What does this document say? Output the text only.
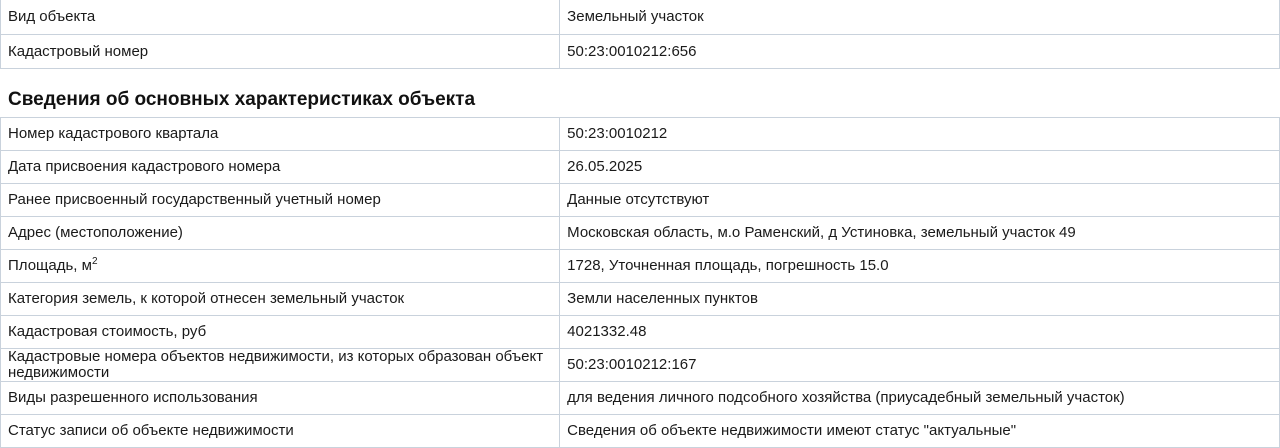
Вид объекта	Земельный участок
Кадастровый номер	50:23:0010212:656
Сведения об основных характеристиках объекта
Номер кадастрового квартала	50:23:0010212
Дата присвоения кадастрового номера	26.05.2025
Ранее присвоенный государственный учетный номер	Данные отсутствуют
Адрес (местоположение)	Московская область, м.о Раменский, д Устиновка, земельный участок 49
Площадь, $м^2$	1728, Уточненная площадь, погрешность 15.0
Категория земель, к которой отнесен земельный участок	Земли населенных пунктов
Кадастровая стоимость, руб	4021332.48
Кадастровые номера объектов недвижимости, из которых образован объект недвижимости	50:23:0010212:167
Виды разрешенного использования	для ведения личного подсобного хозяйства (приусадебный земельный участок)
Статус записи об объекте недвижимости	Сведения об объекте недвижимости имеют статус "актуальные"
